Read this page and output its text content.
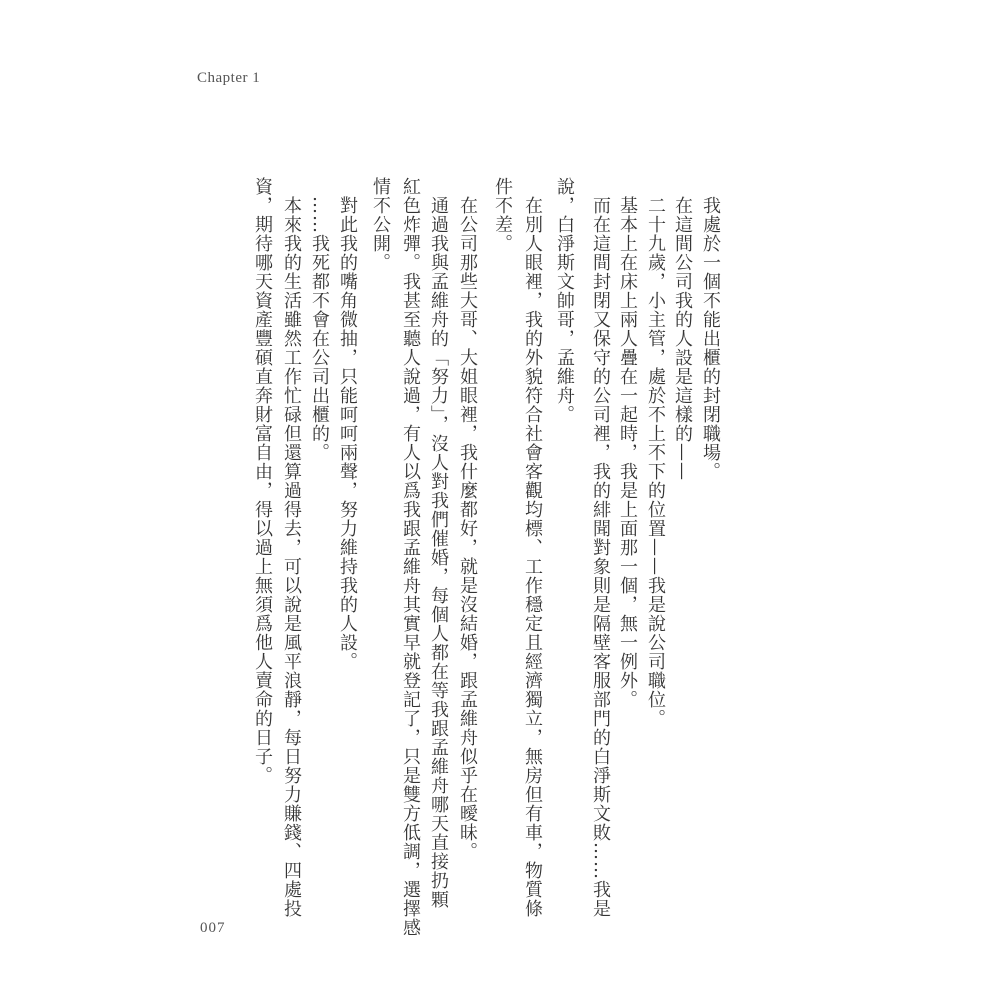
Chapter 1
我處於一個不能出櫃的封閉職場。
在這間公司我的人設是這樣的——
二十九歲，小主管，處於不上不下的位置——我是說公司職位。
基本上在床上兩人疊在一起時，我是上面那一個，無一例外。
而在這間封閉又保守的公司裡，我的緋聞對象則是隔壁客服部門的白淨斯文敗……我是
說，白淨斯文帥哥，孟維舟。
在別人眼裡，我的外貌符合社會客觀均標、工作穩定且經濟獨立，無房但有車，物質條
件不差。
在公司那些大哥、大姐眼裡，我什麼都好，就是沒結婚，跟孟維舟似乎在曖昧。
通過我與孟維舟的「努力」，沒人對我們催婚，每個人都在等我跟孟維舟哪天直接扔顆
紅色炸彈。我甚至聽人說過，有人以爲我跟孟維舟其實早就登記了，只是雙方低調，選擇感
情不公開。
對此我的嘴角微抽，只能呵呵兩聲，努力維持我的人設。
……我死都不會在公司出櫃的。
本來我的生活雖然工作忙碌但還算過得去，可以說是風平浪靜，每日努力賺錢、四處投
資，期待哪天資產豐碩直奔財富自由，得以過上無須爲他人賣命的日子。
007
